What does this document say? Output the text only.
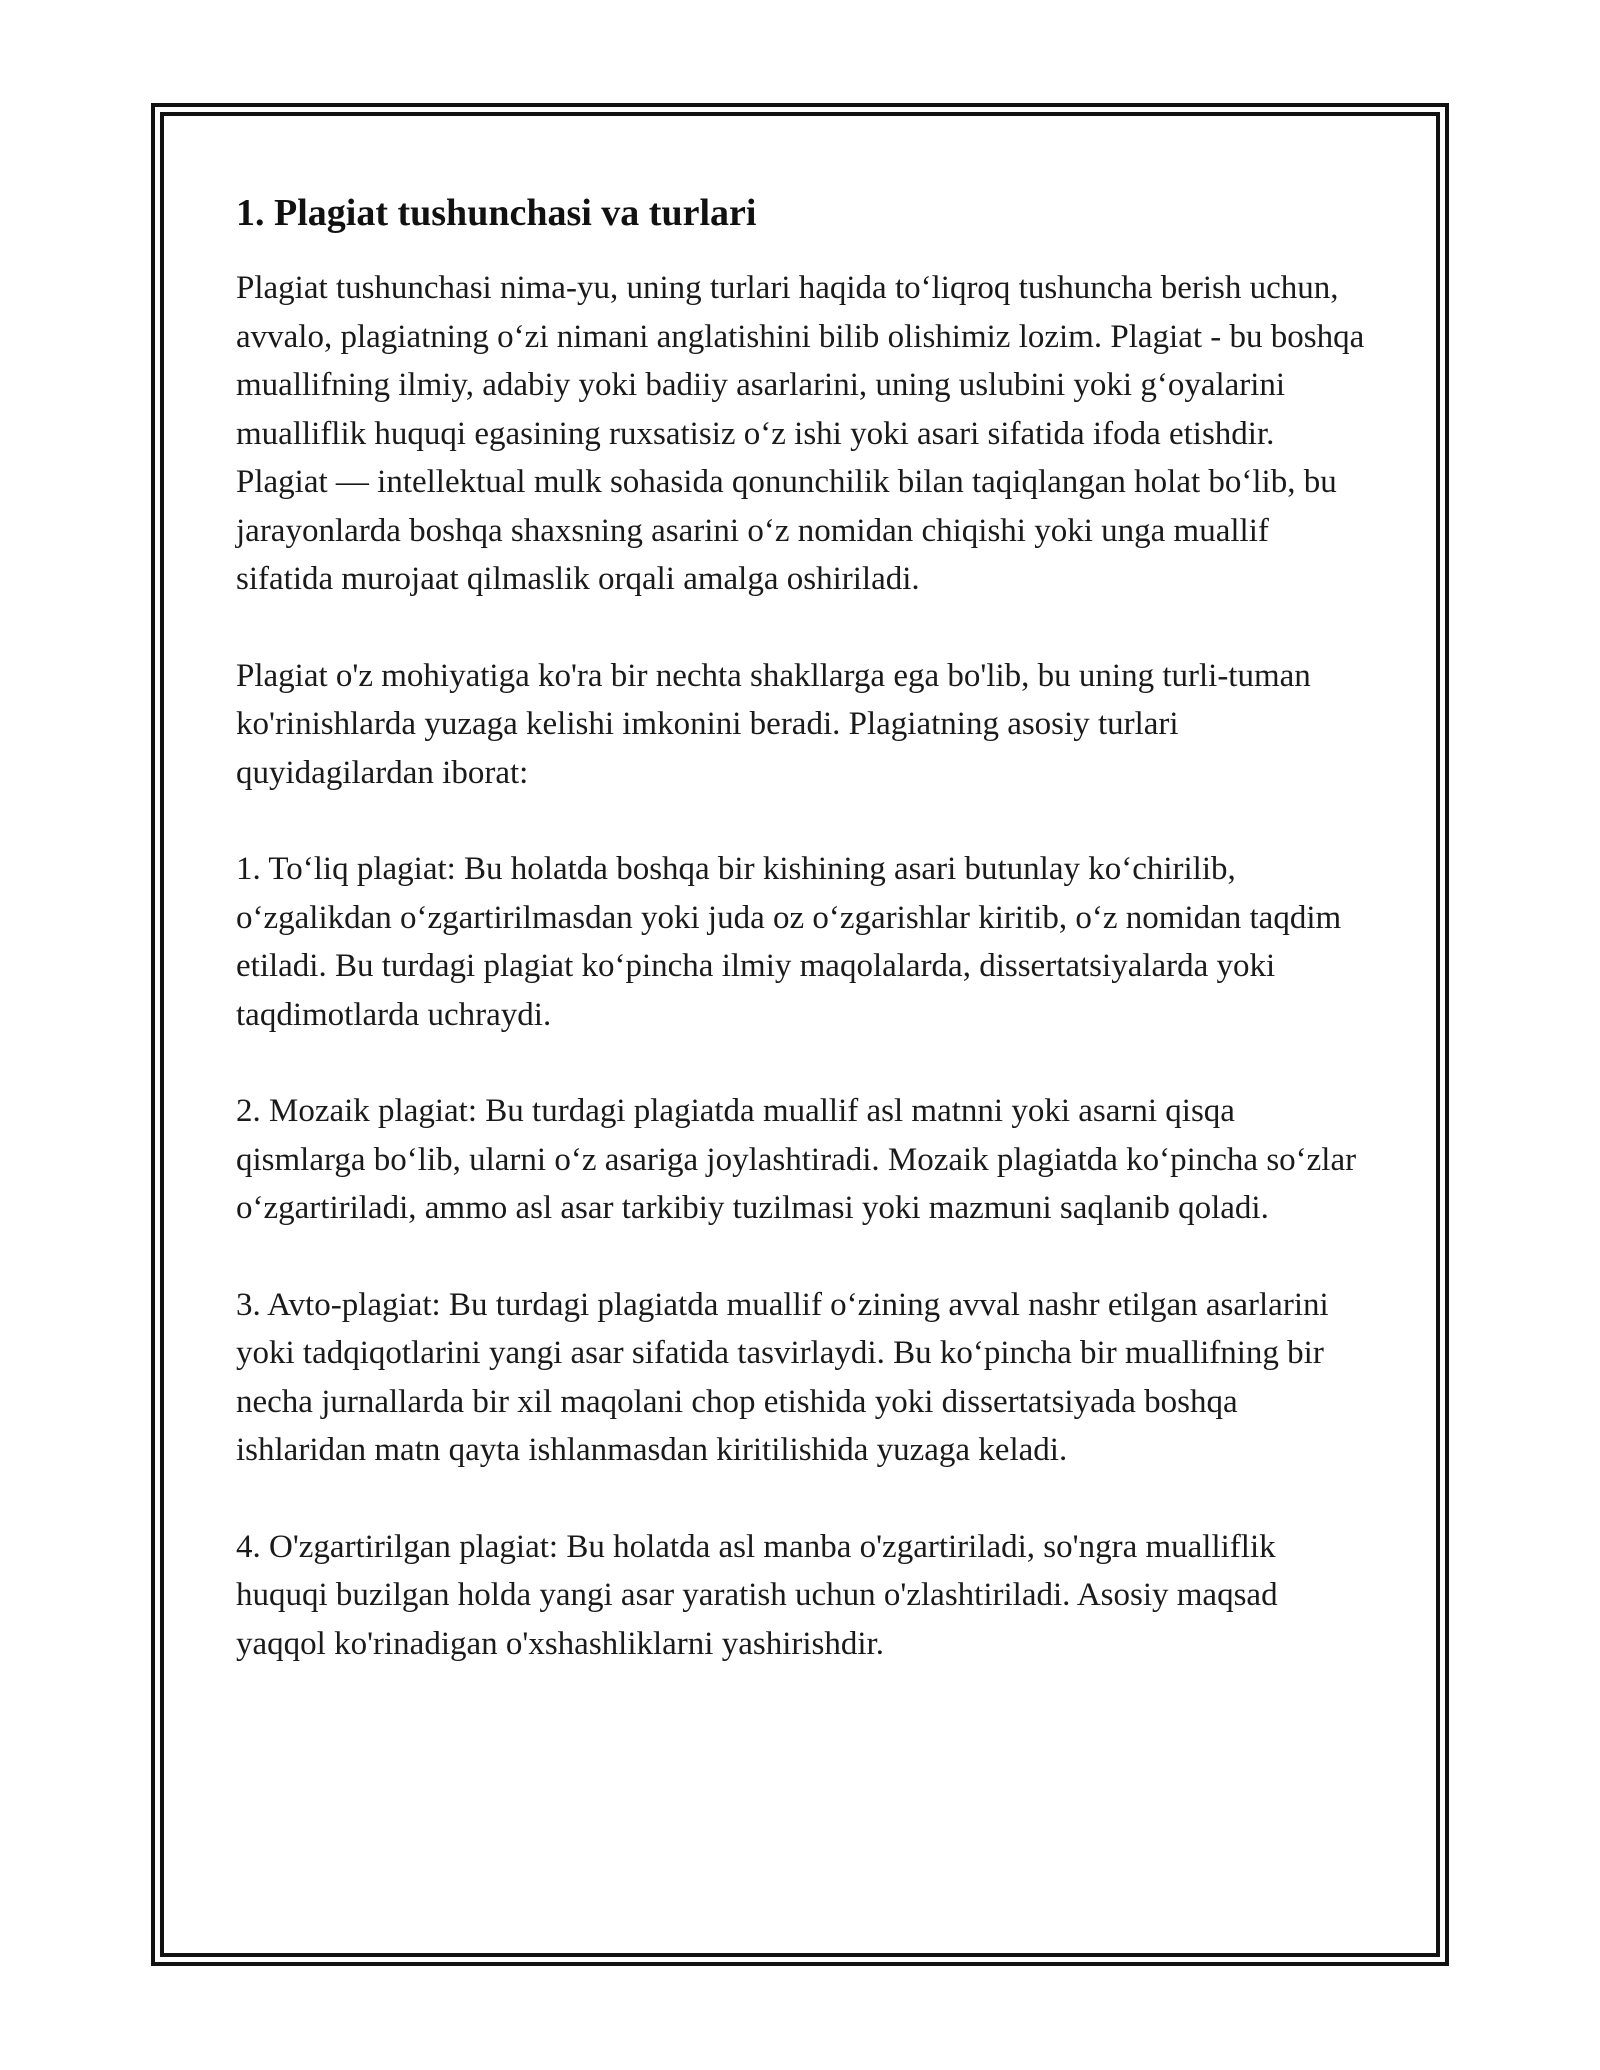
1. Plagiat tushunchasi va turlari

Plagiat tushunchasi nima-yu, uning turlari haqida to‘liqroq tushuncha berish uchun, avvalo, plagiatning o‘zi nimani anglatishini bilib olishimiz lozim. Plagiat - bu boshqa muallifning ilmiy, adabiy yoki badiiy asarlarini, uning uslubini yoki g‘oyalarini mualliflik huquqi egasining ruxsatisiz o‘z ishi yoki asari sifatida ifoda etishdir. Plagiat — intellektual mulk sohasida qonunchilik bilan taqiqlangan holat bo‘lib, bu jarayonlarda boshqa shaxsning asarini o‘z nomidan chiqishi yoki unga muallif sifatida murojaat qilmaslik orqali amalga oshiriladi.

Plagiat o'z mohiyatiga ko'ra bir nechta shakllarga ega bo'lib, bu uning turli-tuman ko'rinishlarda yuzaga kelishi imkonini beradi. Plagiatning asosiy turlari quyidagilardan iborat:

1. To‘liq plagiat: Bu holatda boshqa bir kishining asari butunlay ko‘chirilib, o‘zgalikdan o‘zgartirilmasdan yoki juda oz o‘zgarishlar kiritib, o‘z nomidan taqdim etiladi. Bu turdagi plagiat ko‘pincha ilmiy maqolalarda, dissertatsiyalarda yoki taqdimotlarda uchraydi.

2. Mozaik plagiat: Bu turdagi plagiatda muallif asl matnni yoki asarni qisqa qismlarga bo‘lib, ularni o‘z asariga joylashtiradi. Mozaik plagiatda ko‘pincha so‘zlar o‘zgartiriladi, ammo asl asar tarkibiy tuzilmasi yoki mazmuni saqlanib qoladi.

3. Avto-plagiat: Bu turdagi plagiatda muallif o‘zining avval nashr etilgan asarlarini yoki tadqiqotlarini yangi asar sifatida tasvirlaydi. Bu ko‘pincha bir muallifning bir necha jurnallarda bir xil maqolani chop etishida yoki dissertatsiyada boshqa ishlaridan matn qayta ishlanmasdan kiritilishida yuzaga keladi.

4. O'zgartirilgan plagiat: Bu holatda asl manba o'zgartiriladi, so'ngra mualliflik huquqi buzilgan holda yangi asar yaratish uchun o'zlashtiriladi. Asosiy maqsad yaqqol ko'rinadigan o'xshashliklarni yashirishdir.
